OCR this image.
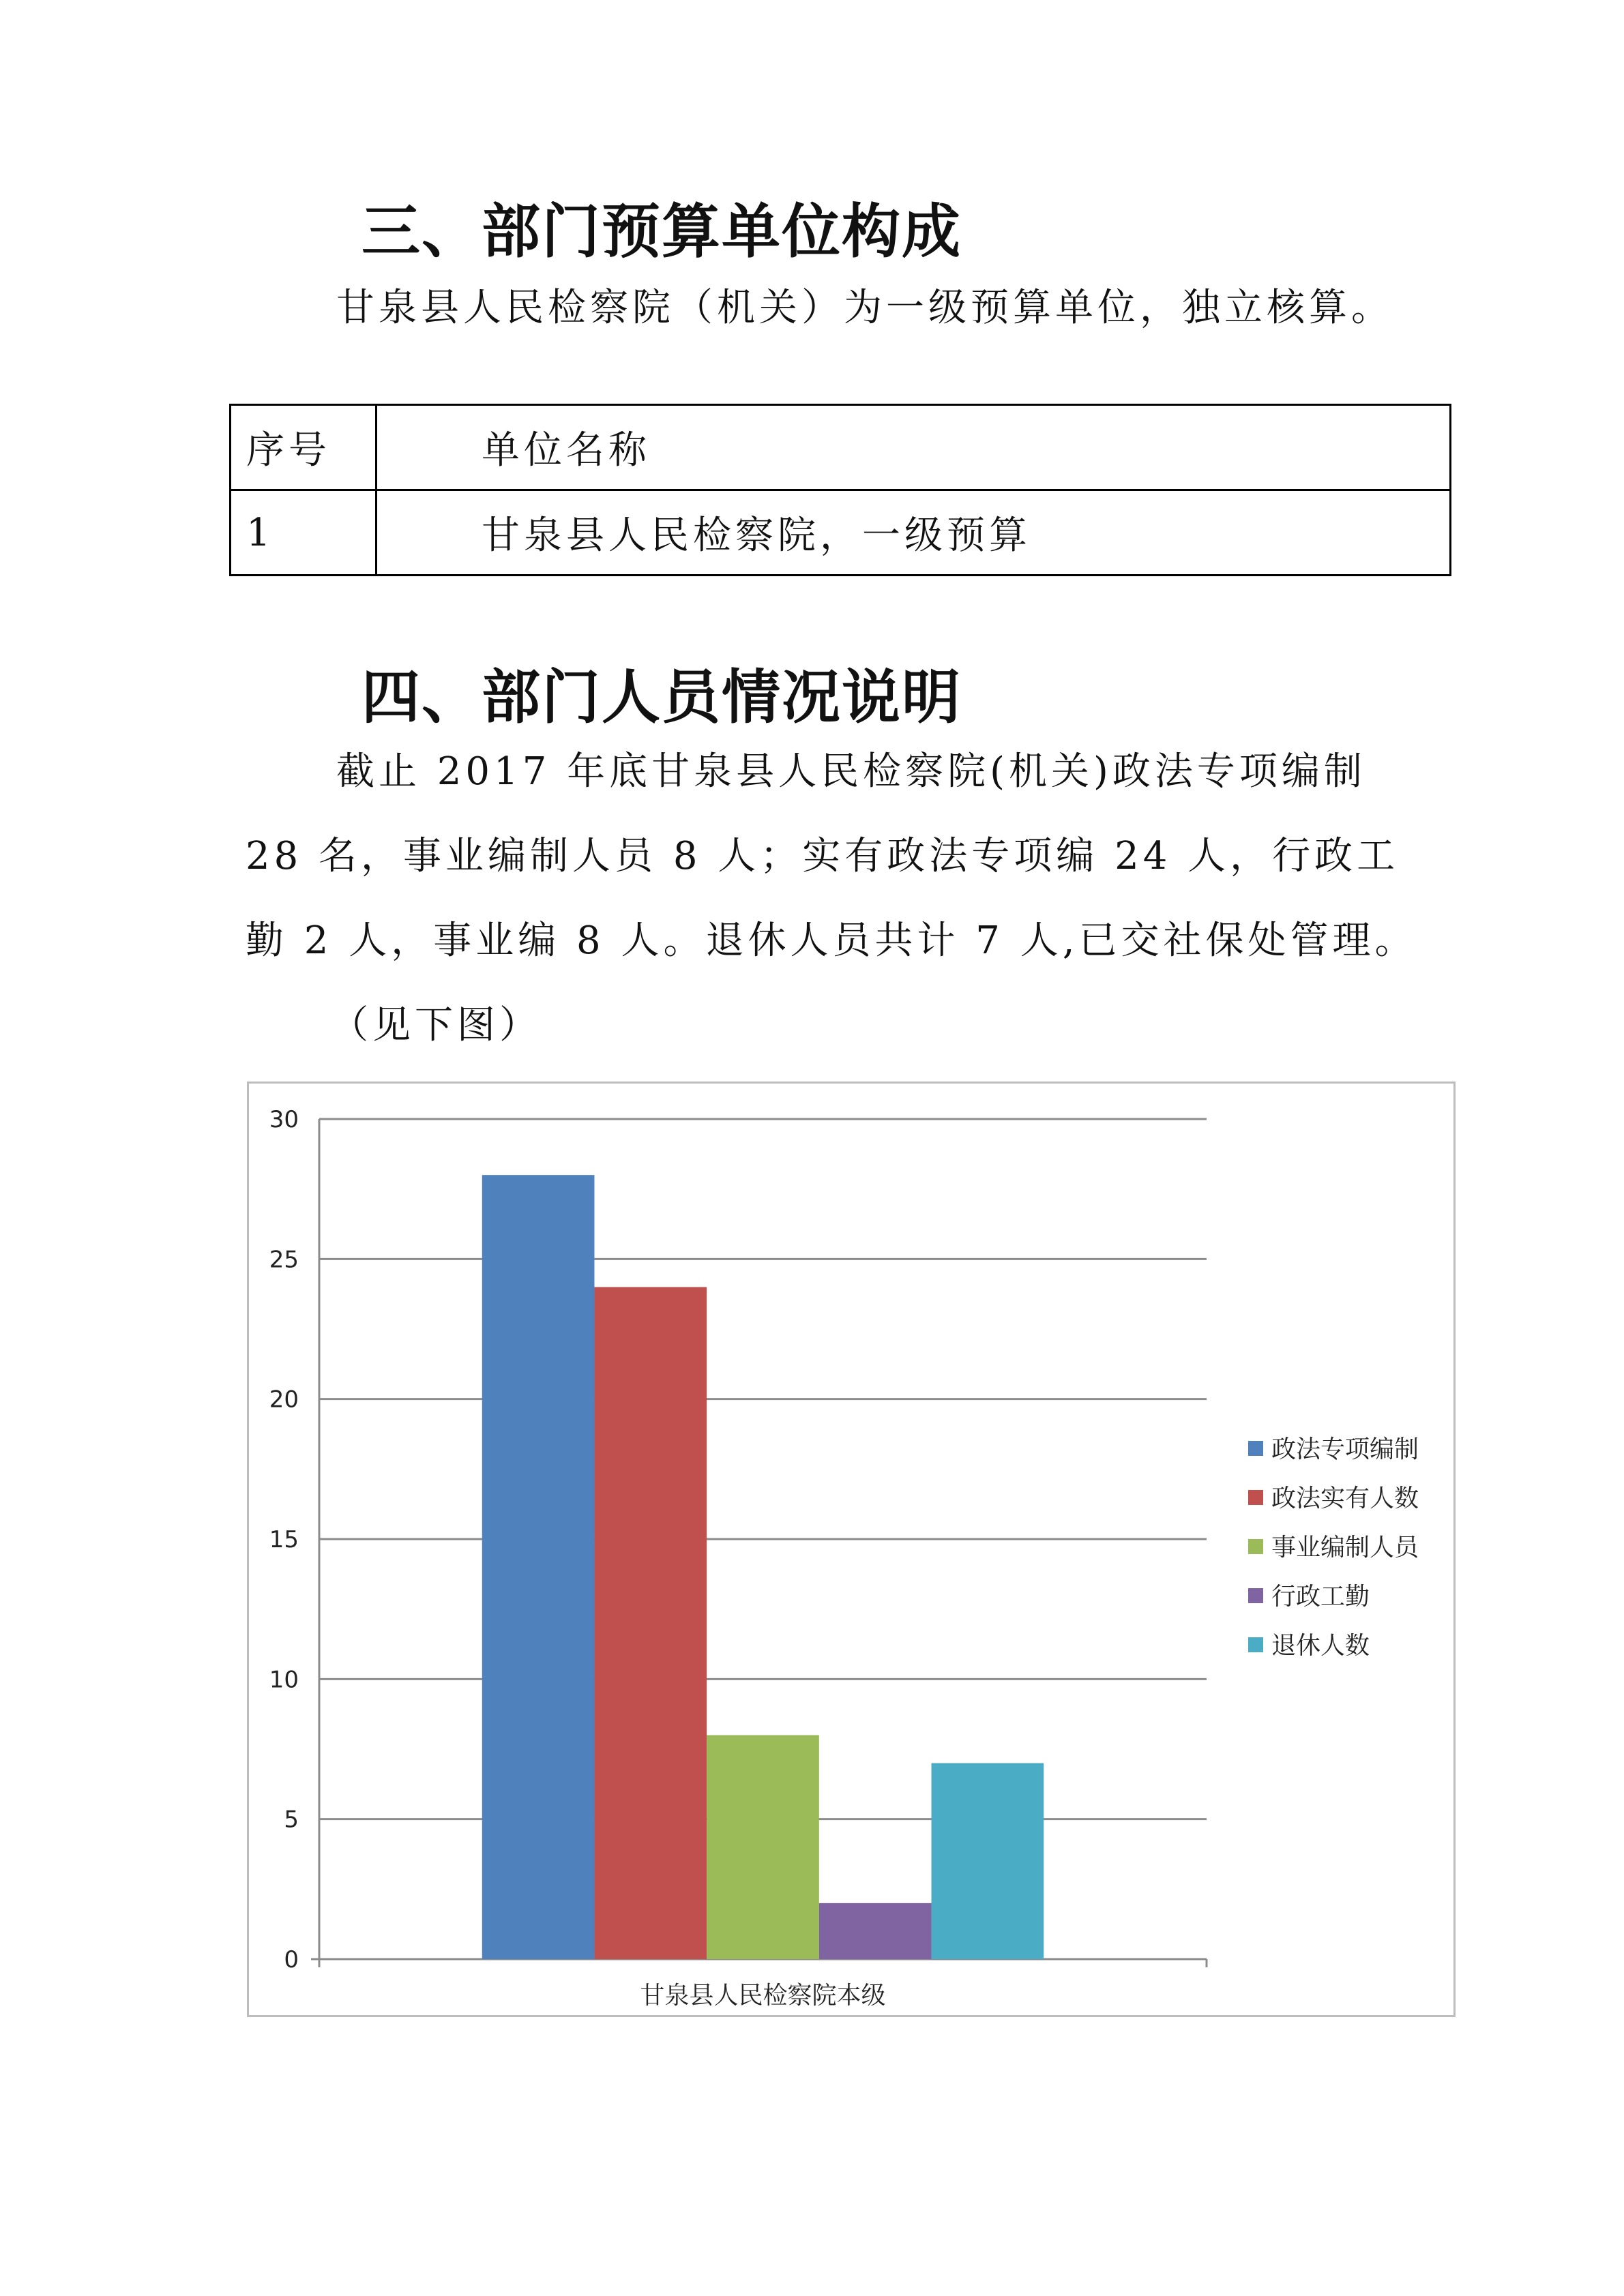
三、部门预算单位构成
甘泉县人民检察院（机关）为一级预算单位，独立核算。
序号	单位名称
1	甘泉县人民检察院，一级预算
四、部门人员情况说明
截止 2017 年底甘泉县人民检察院(机关)政法专项编制
28 名，事业编制人员 8 人；实有政法专项编 24 人，行政工
勤 2 人，事业编 8 人。退休人员共计 7 人,已交社保处管理。
（见下图）
0
5
10
15
20
25
30
甘泉县人民检察院本级
政法专项编制
政法实有人数
事业编制人员
行政工勤
退休人数
